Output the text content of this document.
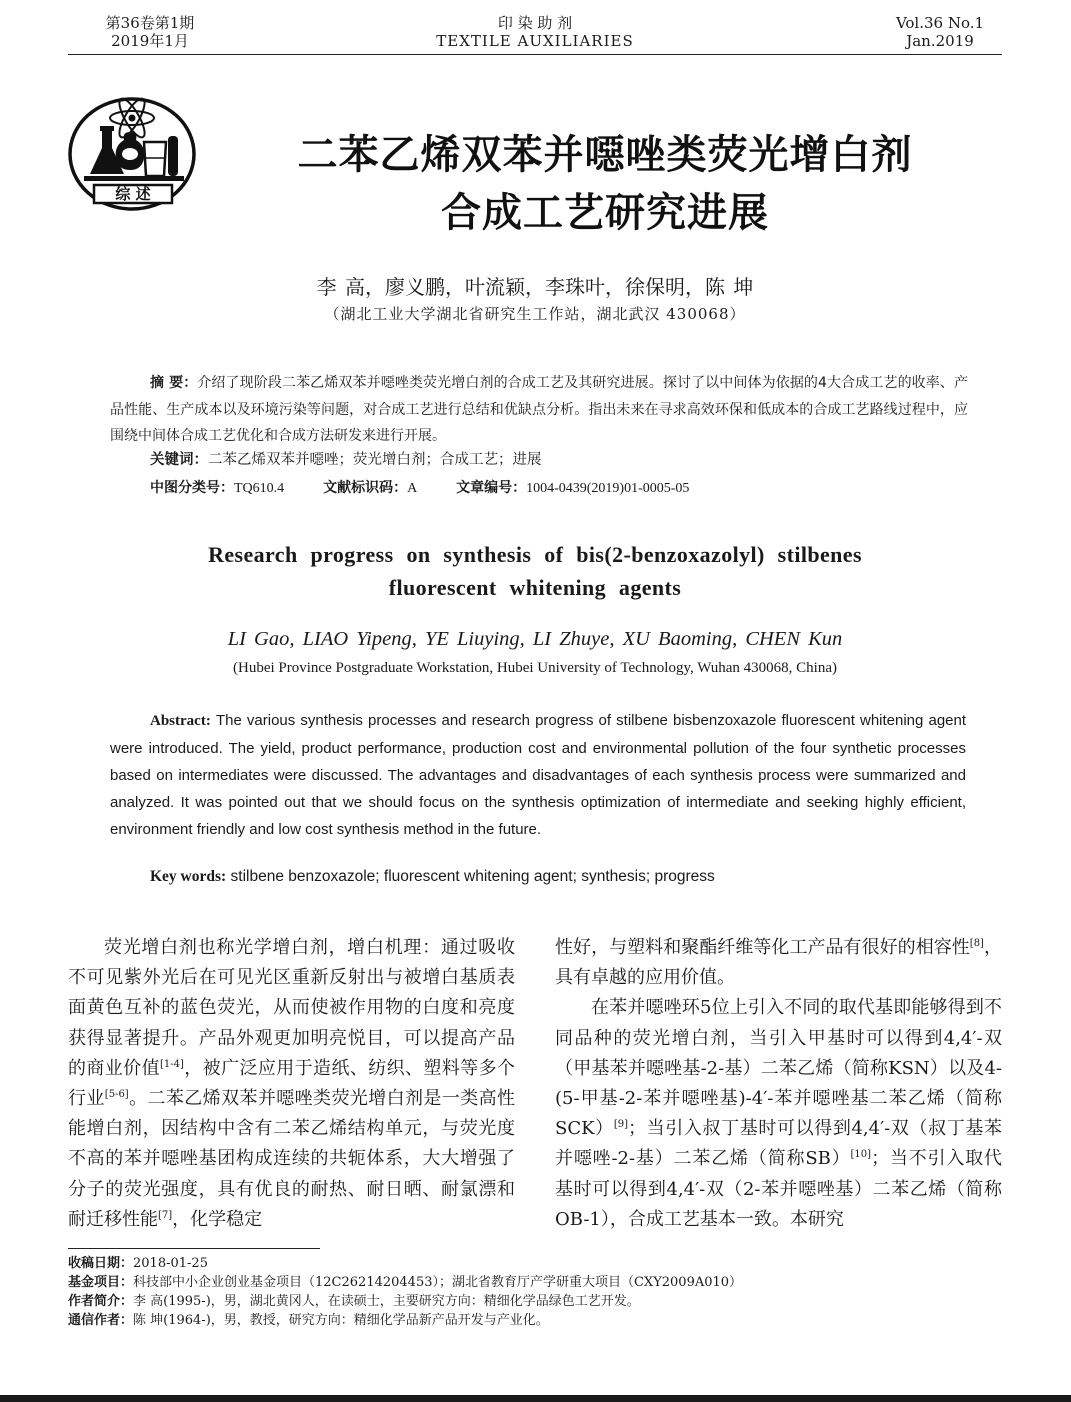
第36卷第1期
2019年1月
印 染 助 剂
TEXTILE AUXILIARIES
Vol.36 No.1
Jan.2019
综 述
二苯乙烯双苯并噁唑类荧光增白剂
合成工艺研究进展
李 高，廖义鹏，叶流颖，李珠叶，徐保明，陈 坤
（湖北工业大学湖北省研究生工作站，湖北武汉 430068）
摘 要：介绍了现阶段二苯乙烯双苯并噁唑类荧光增白剂的合成工艺及其研究进展。探讨了以中间体为依据的4大合成工艺的收率、产品性能、生产成本以及环境污染等问题，对合成工艺进行总结和优缺点分析。指出未来在寻求高效环保和低成本的合成工艺路线过程中，应围绕中间体合成工艺优化和合成方法研发来进行开展。
关键词：二苯乙烯双苯并噁唑；荧光增白剂；合成工艺；进展
中图分类号：TQ610.4	文献标识码：A	文章编号：1004-0439(2019)01-0005-05
Research progress on synthesis of bis(2-benzoxazolyl) stilbenes
fluorescent whitening agents
LI Gao, LIAO Yipeng, YE Liuying, LI Zhuye, XU Baoming, CHEN Kun
(Hubei Province Postgraduate Workstation, Hubei University of Technology, Wuhan 430068, China)
Abstract: The various synthesis processes and research progress of stilbene bisbenzoxazole fluorescent whitening agent were introduced. The yield, product performance, production cost and environmental pollution of the four synthetic processes based on intermediates were discussed. The advantages and disadvantages of each synthesis process were summarized and analyzed. It was pointed out that we should focus on the synthesis optimization of intermediate and seeking highly efficient, environment friendly and low cost synthesis method in the future.
Key words: stilbene benzoxazole; fluorescent whitening agent; synthesis; progress

荧光增白剂也称光学增白剂，增白机理：通过吸收不可见紫外光后在可见光区重新反射出与被增白基质表面黄色互补的蓝色荧光，从而使被作用物的白度和亮度获得显著提升。产品外观更加明亮悦目，可以提高产品的商业价值[1-4]，被广泛应用于造纸、纺织、塑料等多个行业[5-6]。二苯乙烯双苯并噁唑类荧光增白剂是一类高性能增白剂，因结构中含有二苯乙烯结构单元，与荧光度不高的苯并噁唑基团构成连续的共轭体系，大大增强了分子的荧光强度，具有优良的耐热、耐日晒、耐氯漂和耐迁移性能[7]，化学稳定

性好，与塑料和聚酯纤维等化工产品有很好的相容性[8]，具有卓越的应用价值。

在苯并噁唑环5位上引入不同的取代基即能够得到不同品种的荧光增白剂，当引入甲基时可以得到4,4′-双（甲基苯并噁唑基-2-基）二苯乙烯（简称KSN）以及4-(5-甲基-2-苯并噁唑基)-4′-苯并噁唑基二苯乙烯（简称SCK）[9]；当引入叔丁基时可以得到4,4′-双（叔丁基苯并噁唑-2-基）二苯乙烯（简称SB）[10]；当不引入取代基时可以得到4,4′-双（2-苯并噁唑基）二苯乙烯（简称OB-1），合成工艺基本一致。本研究

收稿日期：2018-01-25
基金项目：科技部中小企业创业基金项目（12C26214204453）；湖北省教育厅产学研重大项目（CXY2009A010）
作者简介：李 高(1995-)，男，湖北黄冈人，在读硕士，主要研究方向：精细化学品绿色工艺开发。
通信作者：陈 坤(1964-)，男，教授，研究方向：精细化学品新产品开发与产业化。
